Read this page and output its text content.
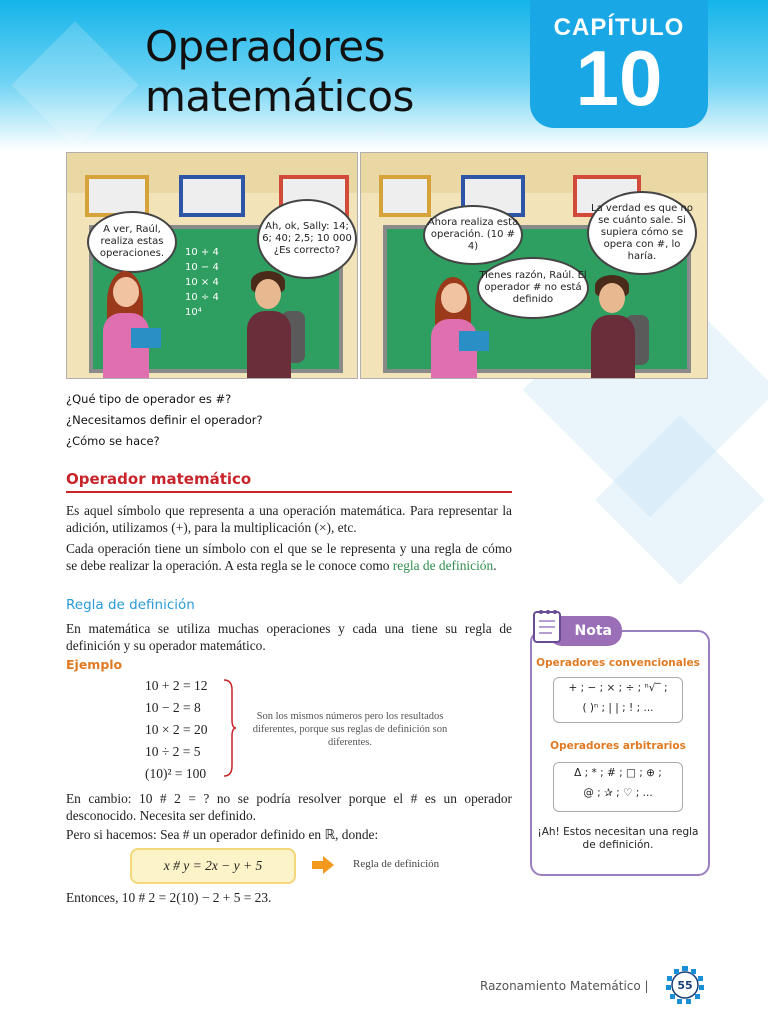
Operadores
matemáticos
CAPÍTULO
10
10 + 4
10 − 4
10 × 4
10 ÷ 4
10⁴
A ver, Raúl, realiza estas operaciones.
Ah, ok, Sally: 14; 6; 40; 2,5; 10 000 ¿Es correcto?
Ahora realiza esta operación. (10 # 4)
La verdad es que no se cuánto sale. Si supiera cómo se opera con #, lo haría.
Tienes razón, Raúl. El operador # no está definido
¿Qué tipo de operador es #?
¿Necesitamos definir el operador?
¿Cómo se hace?
Operador matemático
Es aquel símbolo que representa a una operación matemática. Para representar la adición, utilizamos (+), para la multiplicación (×), etc.
Cada operación tiene un símbolo con el que se le representa y una regla de cómo se debe realizar la operación. A esta regla se le conoce como regla de definición.
Regla de definición
En matemática se utiliza muchas operaciones y cada una tiene su regla de definición y su operador matemático.
Ejemplo
10 + 2 = 12
10 − 2 = 8
10 × 2 = 20
10 ÷ 2 = 5
(10)² = 100
Son los mismos números pero los resultados diferentes, porque sus reglas de definición son diferentes.
En cambio: 10 # 2 = ? no se podría resolver porque el # es un operador desconocido. Necesita ser definido.
Pero si hacemos: Sea # un operador definido en ℝ, donde:
x # y = 2x − y + 5	Regla de definición
Entonces, 10 # 2 = 2(10) − 2 + 5 = 23.
Nota
Operadores convencionales
+ ; − ; × ; ÷ ; ⁿ√‾ ;
( )ⁿ ; | | ; ! ; ...
Operadores arbitrarios
Δ ; * ; # ; □ ; ⊕ ;
@ ; ✰ ; ♡ ; ...
¡Ah! Estos necesitan una regla de definición.
Razonamiento Matemático |	55
